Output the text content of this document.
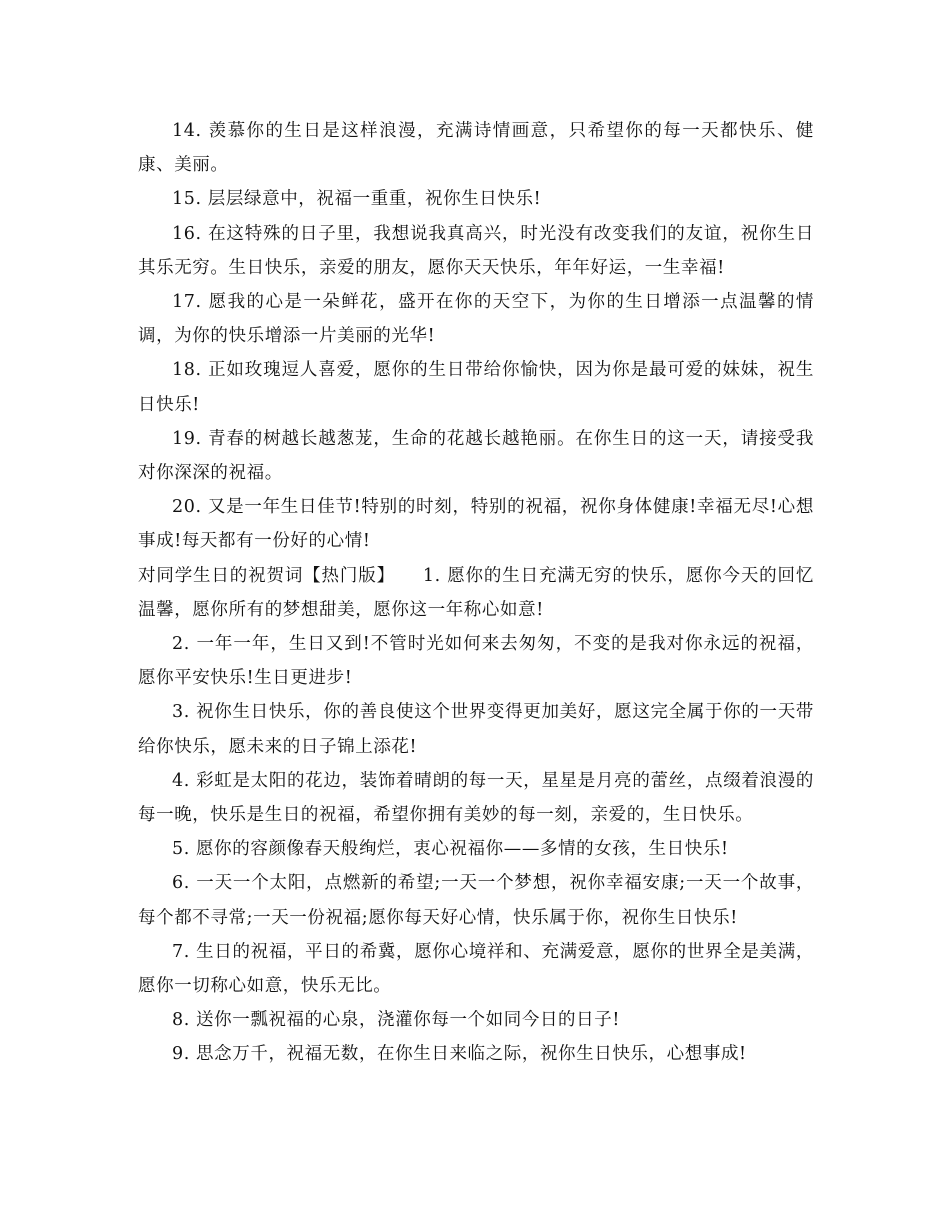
14. 羡慕你的生日是这样浪漫，充满诗情画意，只希望你的每一天都快乐、健康、美丽。

15. 层层绿意中，祝福一重重，祝你生日快乐!

16. 在这特殊的日子里，我想说我真高兴，时光没有改变我们的友谊，祝你生日其乐无穷。生日快乐，亲爱的朋友，愿你天天快乐，年年好运，一生幸福!

17. 愿我的心是一朵鲜花，盛开在你的天空下，为你的生日增添一点温馨的情调，为你的快乐增添一片美丽的光华!

18. 正如玫瑰逗人喜爱，愿你的生日带给你愉快，因为你是最可爱的妹妹，祝生日快乐!

19. 青春的树越长越葱茏，生命的花越长越艳丽。在你生日的这一天，请接受我对你深深的祝福。

20. 又是一年生日佳节!特别的时刻，特别的祝福，祝你身体健康!幸福无尽!心想事成!每天都有一份好的心情!

对同学生日的祝贺词【热门版】　　1. 愿你的生日充满无穷的快乐，愿你今天的回忆温馨，愿你所有的梦想甜美，愿你这一年称心如意!

2. 一年一年，生日又到!不管时光如何来去匆匆，不变的是我对你永远的祝福，愿你平安快乐!生日更进步!

3. 祝你生日快乐，你的善良使这个世界变得更加美好，愿这完全属于你的一天带给你快乐，愿未来的日子锦上添花!

4. 彩虹是太阳的花边，装饰着晴朗的每一天，星星是月亮的蕾丝，点缀着浪漫的每一晚，快乐是生日的祝福，希望你拥有美妙的每一刻，亲爱的，生日快乐。

5. 愿你的容颜像春天般绚烂，衷心祝福你——多情的女孩，生日快乐!

6. 一天一个太阳，点燃新的希望;一天一个梦想，祝你幸福安康;一天一个故事，每个都不寻常;一天一份祝福;愿你每天好心情，快乐属于你，祝你生日快乐!

7. 生日的祝福，平日的希冀，愿你心境祥和、充满爱意，愿你的世界全是美满，愿你一切称心如意，快乐无比。

8. 送你一瓢祝福的心泉，浇灌你每一个如同今日的日子!

9. 思念万千，祝福无数，在你生日来临之际，祝你生日快乐，心想事成!
